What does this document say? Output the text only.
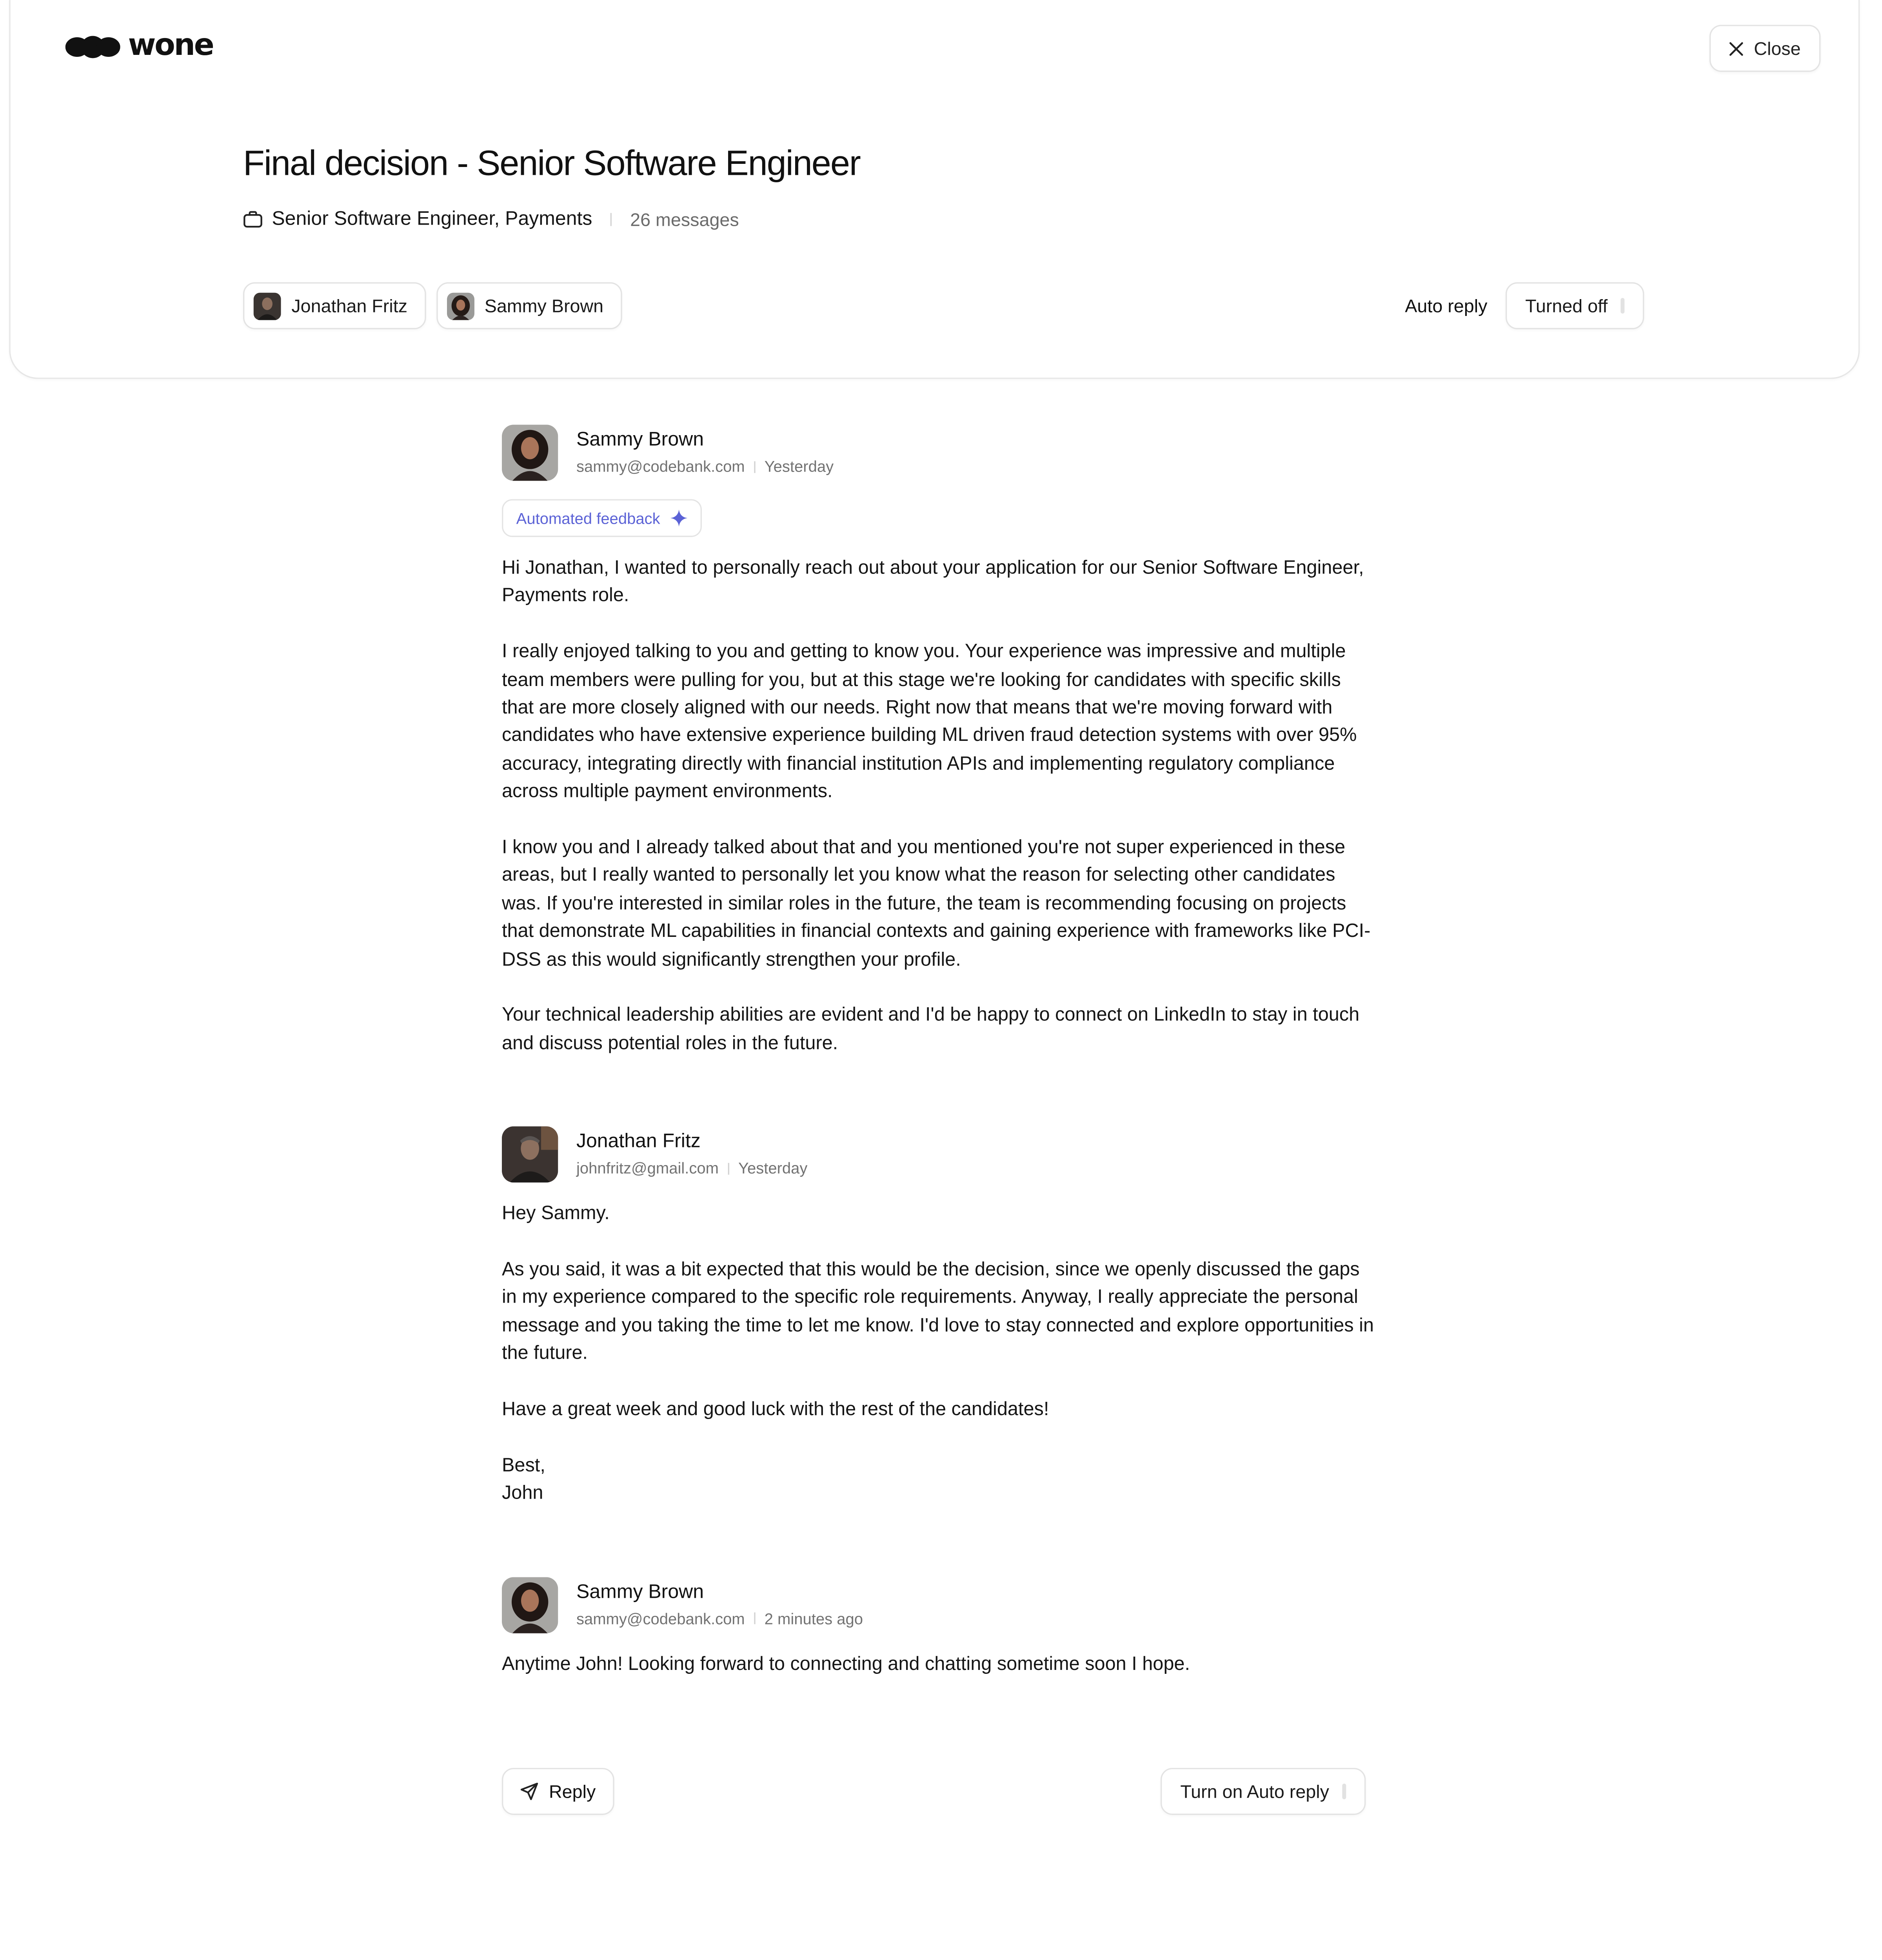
wone	Close
Final decision - Senior Software Engineer
Senior Software Engineer, Payments	26 messages
Jonathan Fritz	Sammy Brown	Auto reply	Turned off
Sammy Brown
sammy@codebank.com	Yesterday
Automated feedback

Hi Jonathan, I wanted to personally reach out about your application for our Senior Software Engineer, Payments role.

I really enjoyed talking to you and getting to know you. Your experience was impressive and multiple team members were pulling for you, but at this stage we're looking for candidates with specific skills that are more closely aligned with our needs. Right now that means that we're moving forward with candidates who have extensive experience building ML driven fraud detection systems with over 95% accuracy, integrating directly with financial institution APIs and implementing regulatory compliance across multiple payment environments.

I know you and I already talked about that and you mentioned you're not super experienced in these areas, but I really wanted to personally let you know what the reason for selecting other candidates was. If you're interested in similar roles in the future, the team is recommending focusing on projects that demonstrate ML capabilities in financial contexts and gaining experience with frameworks like PCI-DSS as this would significantly strengthen your profile.

Your technical leadership abilities are evident and I'd be happy to connect on LinkedIn to stay in touch and discuss potential roles in the future.

Jonathan Fritz
johnfritz@gmail.com	Yesterday

Hey Sammy.

As you said, it was a bit expected that this would be the decision, since we openly discussed the gaps in my experience compared to the specific role requirements. Anyway, I really appreciate the personal message and you taking the time to let me know. I'd love to stay connected and explore opportunities in the future.

Have a great week and good luck with the rest of the candidates!

Best,
John
Sammy Brown
sammy@codebank.com	2 minutes ago

Anytime John! Looking forward to connecting and chatting sometime soon I hope.

Reply	Turn on Auto reply
